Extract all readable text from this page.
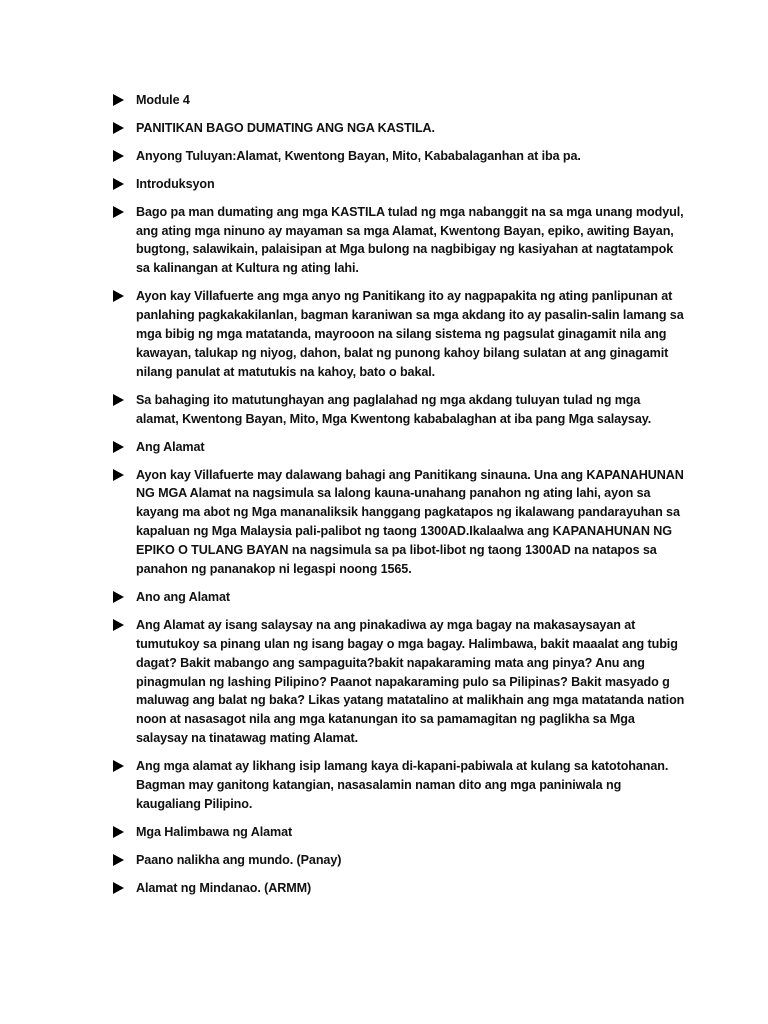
Module 4
PANITIKAN BAGO DUMATING ANG NGA KASTILA.
Anyong Tuluyan:Alamat, Kwentong Bayan, Mito, Kababalaganhan at iba pa.
Introduksyon
Bago pa man dumating ang mga KASTILA tulad ng mga nabanggit na sa mga unang modyul, ang ating mga ninuno ay mayaman sa mga Alamat, Kwentong Bayan, epiko, awiting Bayan, bugtong, salawikain, palaisipan at Mga bulong na nagbibigay ng kasiyahan at nagtatampok sa kalinangan at Kultura ng ating lahi.
Ayon kay Villafuerte ang mga anyo ng Panitikang ito ay nagpapakita ng ating panlipunan at panlahing pagkakakilanlan, bagman karaniwan sa mga akdang ito ay pasalin-salin lamang sa mga bibig ng mga matatanda, mayrooon na silang sistema ng pagsulat ginagamit nila ang kawayan, talukap ng niyog, dahon, balat ng punong kahoy bilang sulatan at ang ginagamit nilang panulat at matutukis na kahoy, bato o bakal.
Sa bahaging ito matutunghayan ang paglalahad ng mga akdang tuluyan tulad ng mga alamat, Kwentong Bayan, Mito, Mga Kwentong kababalaghan at iba pang Mga salaysay.
Ang Alamat
Ayon kay Villafuerte may dalawang bahagi ang Panitikang sinauna. Una ang KAPANAHUNAN NG MGA Alamat na nagsimula sa lalong kauna-unahang panahon ng ating lahi, ayon sa kayang ma abot ng Mga mananaliksik hanggang pagkatapos ng ikalawang pandarayuhan sa kapaluan ng Mga Malaysia pali-palibot ng taong 1300AD.Ikalaalwa ang KAPANAHUNAN NG EPIKO O TULANG BAYAN na nagsimula sa pa libot-libot ng taong 1300AD na natapos sa panahon ng pananakop ni legaspi noong 1565.
Ano ang Alamat
Ang Alamat ay isang salaysay na ang pinakadiwa ay mga bagay na makasaysayan at tumutukoy sa pinang ulan ng isang bagay o mga bagay. Halimbawa, bakit maaalat ang tubig dagat? Bakit mabango ang sampaguita?bakit napakaraming mata ang pinya? Anu ang pinagmulan ng lashing Pilipino? Paanot napakaraming pulo sa Pilipinas? Bakit masyado g maluwag ang balat ng baka? Likas yatang matatalino at malikhain ang mga matatanda nation noon at nasasagot nila ang mga katanungan ito sa pamamagitan ng paglikha sa Mga salaysay na tinatawag mating Alamat.
Ang mga alamat ay likhang isip lamang kaya di-kapani-pabiwala at kulang sa katotohanan. Bagman may ganitong katangian, nasasalamin naman dito ang mga paniniwala ng kaugaliang Pilipino.
Mga Halimbawa ng Alamat
Paano nalikha ang mundo. (Panay)
Alamat ng Mindanao. (ARMM)
